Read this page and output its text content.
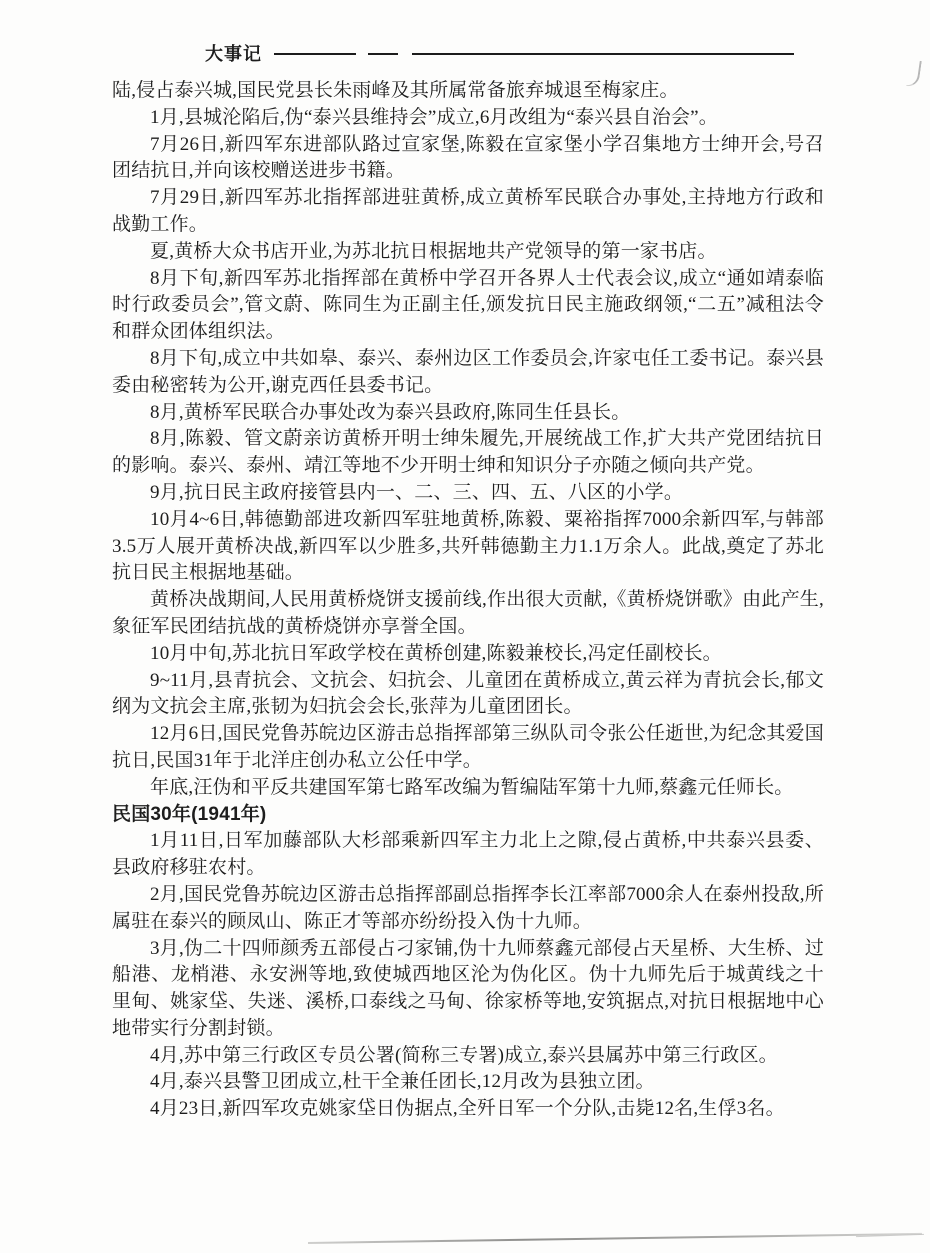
大事记

陆,侵占泰兴城,国民党县长朱雨峰及其所属常备旅弃城退至梅家庄。

1月,县城沦陷后,伪“泰兴县维持会”成立,6月改组为“泰兴县自治会”。

7月26日,新四军东进部队路过宣家堡,陈毅在宣家堡小学召集地方士绅开会,号召团结抗日,并向该校赠送进步书籍。

7月29日,新四军苏北指挥部进驻黄桥,成立黄桥军民联合办事处,主持地方行政和战勤工作。

夏,黄桥大众书店开业,为苏北抗日根据地共产党领导的第一家书店。

8月下旬,新四军苏北指挥部在黄桥中学召开各界人士代表会议,成立“通如靖泰临时行政委员会”,管文蔚、陈同生为正副主任,颁发抗日民主施政纲领,“二五”减租法令和群众团体组织法。

8月下旬,成立中共如皋、泰兴、泰州边区工作委员会,许家屯任工委书记。泰兴县委由秘密转为公开,谢克西任县委书记。

8月,黄桥军民联合办事处改为泰兴县政府,陈同生任县长。

8月,陈毅、管文蔚亲访黄桥开明士绅朱履先,开展统战工作,扩大共产党团结抗日的影响。泰兴、泰州、靖江等地不少开明士绅和知识分子亦随之倾向共产党。

9月,抗日民主政府接管县内一、二、三、四、五、八区的小学。

10月4~6日,韩德勤部进攻新四军驻地黄桥,陈毅、粟裕指挥7000余新四军,与韩部3.5万人展开黄桥决战,新四军以少胜多,共歼韩德勤主力1.1万余人。此战,奠定了苏北抗日民主根据地基础。

黄桥决战期间,人民用黄桥烧饼支援前线,作出很大贡献,《黄桥烧饼歌》由此产生,象征军民团结抗战的黄桥烧饼亦享誉全国。

10月中旬,苏北抗日军政学校在黄桥创建,陈毅兼校长,冯定任副校长。

9~11月,县青抗会、文抗会、妇抗会、儿童团在黄桥成立,黄云祥为青抗会长,郁文纲为文抗会主席,张韧为妇抗会会长,张萍为儿童团团长。

12月6日,国民党鲁苏皖边区游击总指挥部第三纵队司令张公任逝世,为纪念其爱国抗日,民国31年于北洋庄创办私立公任中学。

年底,汪伪和平反共建国军第七路军改编为暂编陆军第十九师,蔡鑫元任师长。

民国30年(1941年)

1月11日,日军加藤部队大杉部乘新四军主力北上之隙,侵占黄桥,中共泰兴县委、县政府移驻农村。

2月,国民党鲁苏皖边区游击总指挥部副总指挥李长江率部7000余人在泰州投敌,所属驻在泰兴的顾凤山、陈正才等部亦纷纷投入伪十九师。

3月,伪二十四师颜秀五部侵占刁家铺,伪十九师蔡鑫元部侵占天星桥、大生桥、过船港、龙梢港、永安洲等地,致使城西地区沦为伪化区。伪十九师先后于城黄线之十里甸、姚家垈、失迷、溪桥,口泰线之马甸、徐家桥等地,安筑据点,对抗日根据地中心地带实行分割封锁。

4月,苏中第三行政区专员公署(简称三专署)成立,泰兴县属苏中第三行政区。

4月,泰兴县警卫团成立,杜干全兼任团长,12月改为县独立团。

4月23日,新四军攻克姚家垈日伪据点,全歼日军一个分队,击毙12名,生俘3名。
